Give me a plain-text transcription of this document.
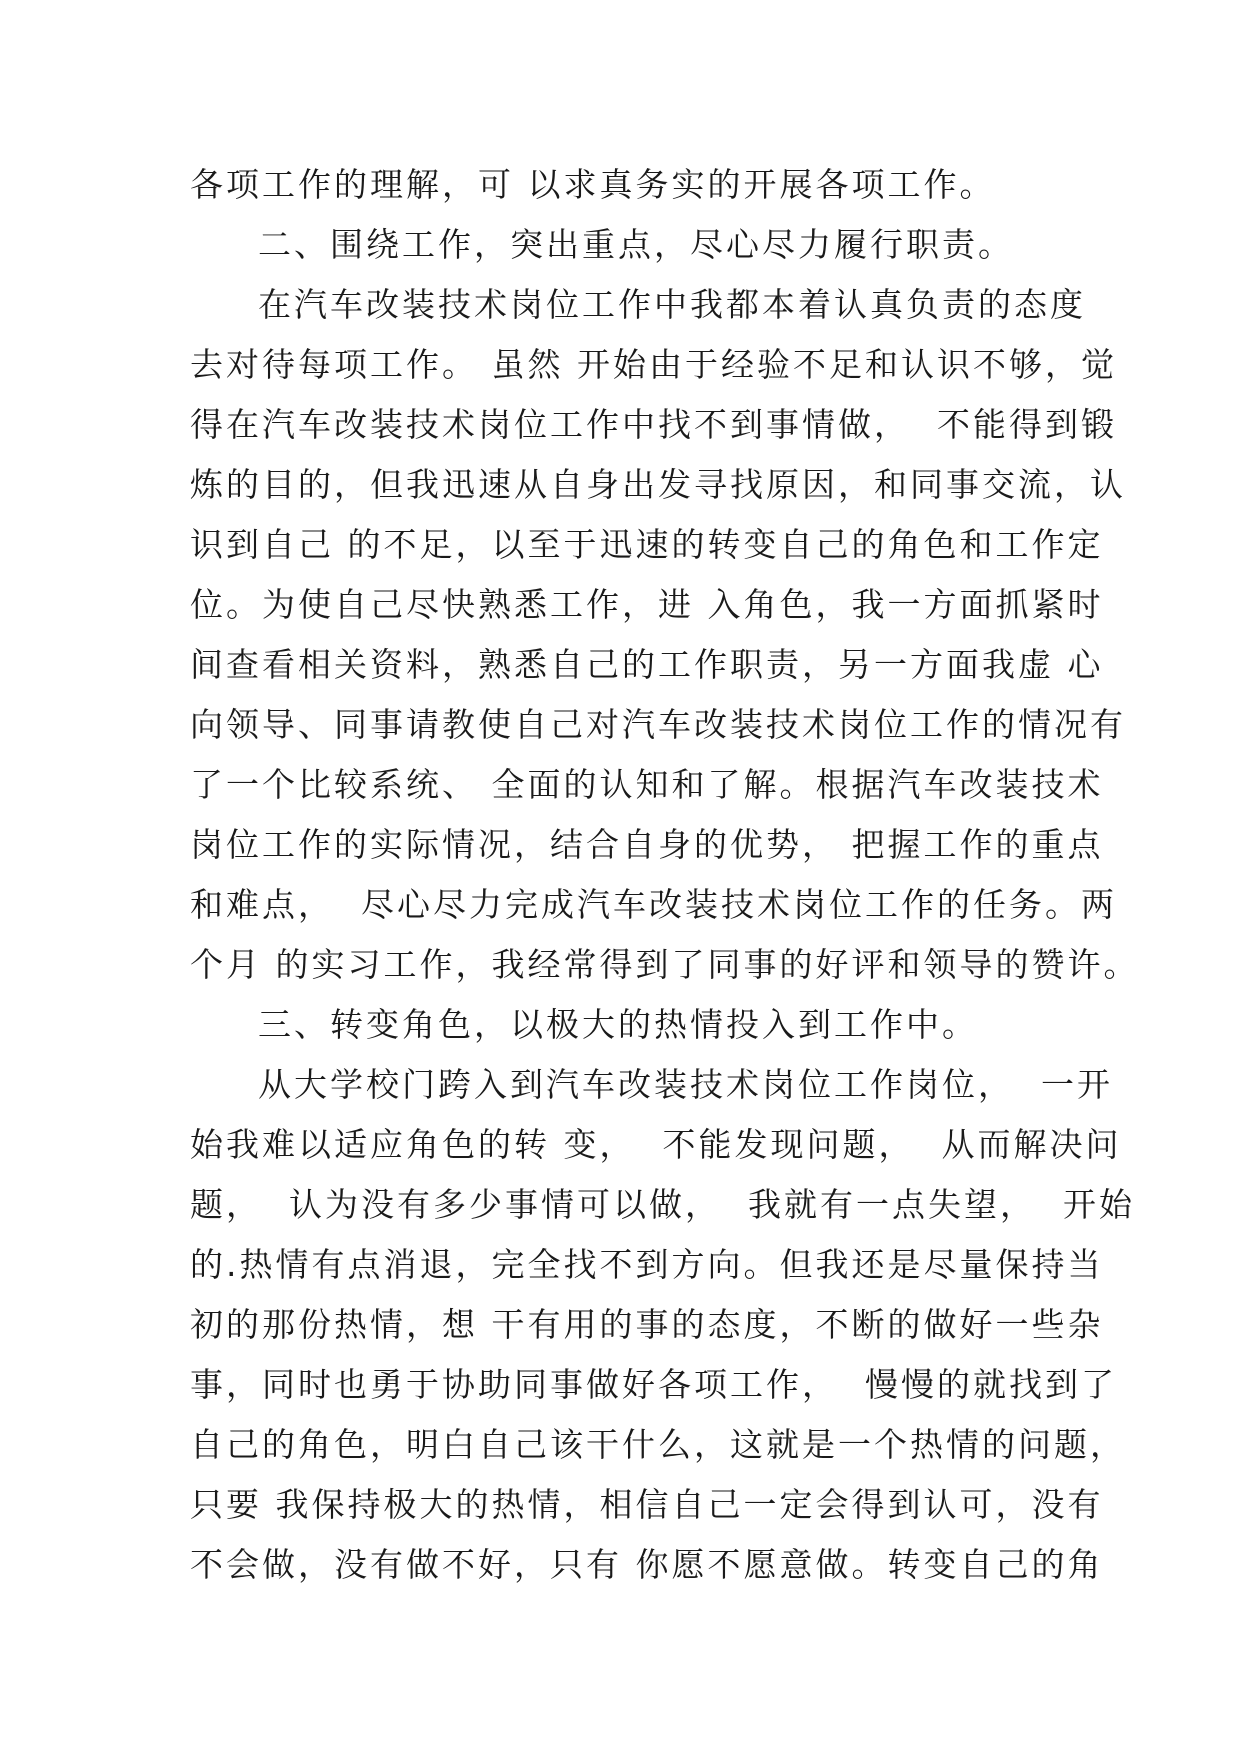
各项工作的理解，可 以求真务实的开展各项工作。
二、围绕工作，突出重点，尽心尽力履行职责。
在汽车改装技术岗位工作中我都本着认真负责的态度
去对待每项工作。 虽然 开始由于经验不足和认识不够，觉
得在汽车改装技术岗位工作中找不到事情做，  不能得到锻
炼的目的，但我迅速从自身出发寻找原因，和同事交流，认
识到自己 的不足，以至于迅速的转变自己的角色和工作定
位。为使自己尽快熟悉工作，进 入角色，我一方面抓紧时
间查看相关资料，熟悉自己的工作职责，另一方面我虚 心
向领导、同事请教使自己对汽车改装技术岗位工作的情况有
了一个比较系统、 全面的认知和了解。根据汽车改装技术
岗位工作的实际情况，结合自身的优势， 把握工作的重点
和难点，  尽心尽力完成汽车改装技术岗位工作的任务。两
个月 的实习工作，我经常得到了同事的好评和领导的赞许。
三、转变角色，以极大的热情投入到工作中。
从大学校门跨入到汽车改装技术岗位工作岗位，  一开
始我难以适应角色的转 变，  不能发现问题，  从而解决问
题，  认为没有多少事情可以做，  我就有一点失望，  开始
的.热情有点消退，完全找不到方向。但我还是尽量保持当
初的那份热情，想 干有用的事的态度，不断的做好一些杂
事，同时也勇于协助同事做好各项工作，  慢慢的就找到了
自己的角色，明白自己该干什么，这就是一个热情的问题，
只要 我保持极大的热情，相信自己一定会得到认可，没有
不会做，没有做不好，只有 你愿不愿意做。转变自己的角
